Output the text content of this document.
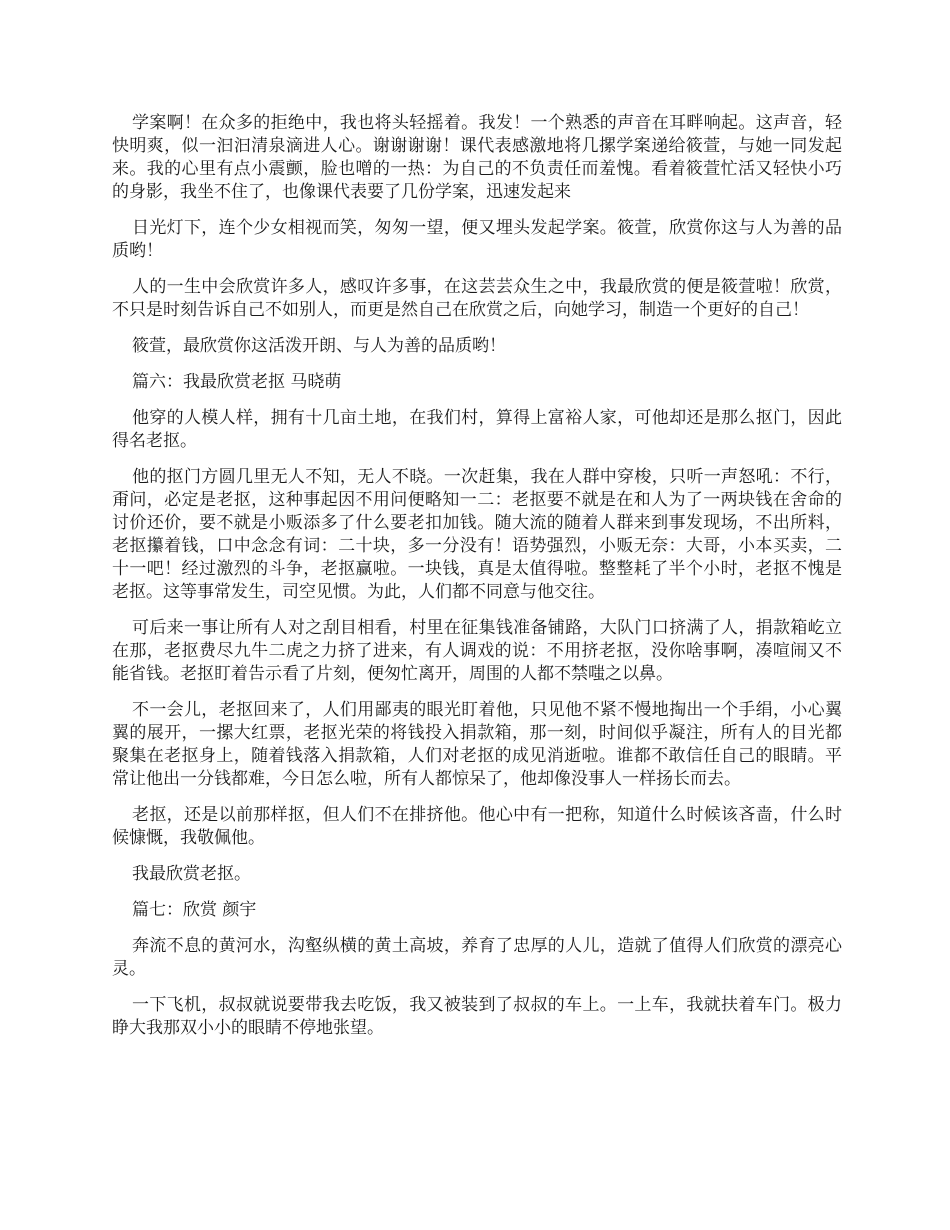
学案啊！在众多的拒绝中，我也将头轻摇着。我发！一个熟悉的声音在耳畔响起。这声音，轻快明爽，似一汩汩清泉滴进人心。谢谢谢谢！课代表感激地将几摞学案递给筱萱，与她一同发起来。我的心里有点小震颤，脸也噌的一热：为自己的不负责任而羞愧。看着筱萱忙活又轻快小巧的身影，我坐不住了，也像课代表要了几份学案，迅速发起来

日光灯下，连个少女相视而笑，匆匆一望，便又埋头发起学案。筱萱，欣赏你这与人为善的品质哟！

人的一生中会欣赏许多人，感叹许多事，在这芸芸众生之中，我最欣赏的便是筱萱啦！欣赏，不只是时刻告诉自己不如别人，而更是然自己在欣赏之后，向她学习，制造一个更好的自己！

筱萱，最欣赏你这活泼开朗、与人为善的品质哟！

篇六：我最欣赏老抠 马晓萌

他穿的人模人样，拥有十几亩土地，在我们村，算得上富裕人家，可他却还是那么抠门，因此得名老抠。

他的抠门方圆几里无人不知，无人不晓。一次赶集，我在人群中穿梭，只听一声怒吼：不行，甭问，必定是老抠，这种事起因不用问便略知一二：老抠要不就是在和人为了一两块钱在舍命的讨价还价，要不就是小贩添多了什么要老扣加钱。随大流的随着人群来到事发现场，不出所料，老抠攥着钱，口中念念有词：二十块，多一分没有！语势强烈，小贩无奈：大哥，小本买卖，二十一吧！经过激烈的斗争，老抠赢啦。一块钱，真是太值得啦。整整耗了半个小时，老抠不愧是老抠。这等事常发生，司空见惯。为此，人们都不同意与他交往。

可后来一事让所有人对之刮目相看，村里在征集钱准备铺路，大队门口挤满了人，捐款箱屹立在那，老抠费尽九牛二虎之力挤了进来，有人调戏的说：不用挤老抠，没你啥事啊，凑喧闹又不能省钱。老抠盯着告示看了片刻，便匆忙离开，周围的人都不禁嗤之以鼻。

不一会儿，老抠回来了，人们用鄙夷的眼光盯着他，只见他不紧不慢地掏出一个手绢，小心翼翼的展开，一摞大红票，老抠光荣的将钱投入捐款箱，那一刻，时间似乎凝注，所有人的目光都聚集在老抠身上，随着钱落入捐款箱，人们对老抠的成见消逝啦。谁都不敢信任自己的眼睛。平常让他出一分钱都难，今日怎么啦，所有人都惊呆了，他却像没事人一样扬长而去。

老抠，还是以前那样抠，但人们不在排挤他。他心中有一把称，知道什么时候该吝啬，什么时候慷慨，我敬佩他。

我最欣赏老抠。

篇七：欣赏 颜宇

奔流不息的黄河水，沟壑纵横的黄土高坡，养育了忠厚的人儿，造就了值得人们欣赏的漂亮心灵。

一下飞机，叔叔就说要带我去吃饭，我又被装到了叔叔的车上。一上车，我就扶着车门。极力睁大我那双小小的眼睛不停地张望。
